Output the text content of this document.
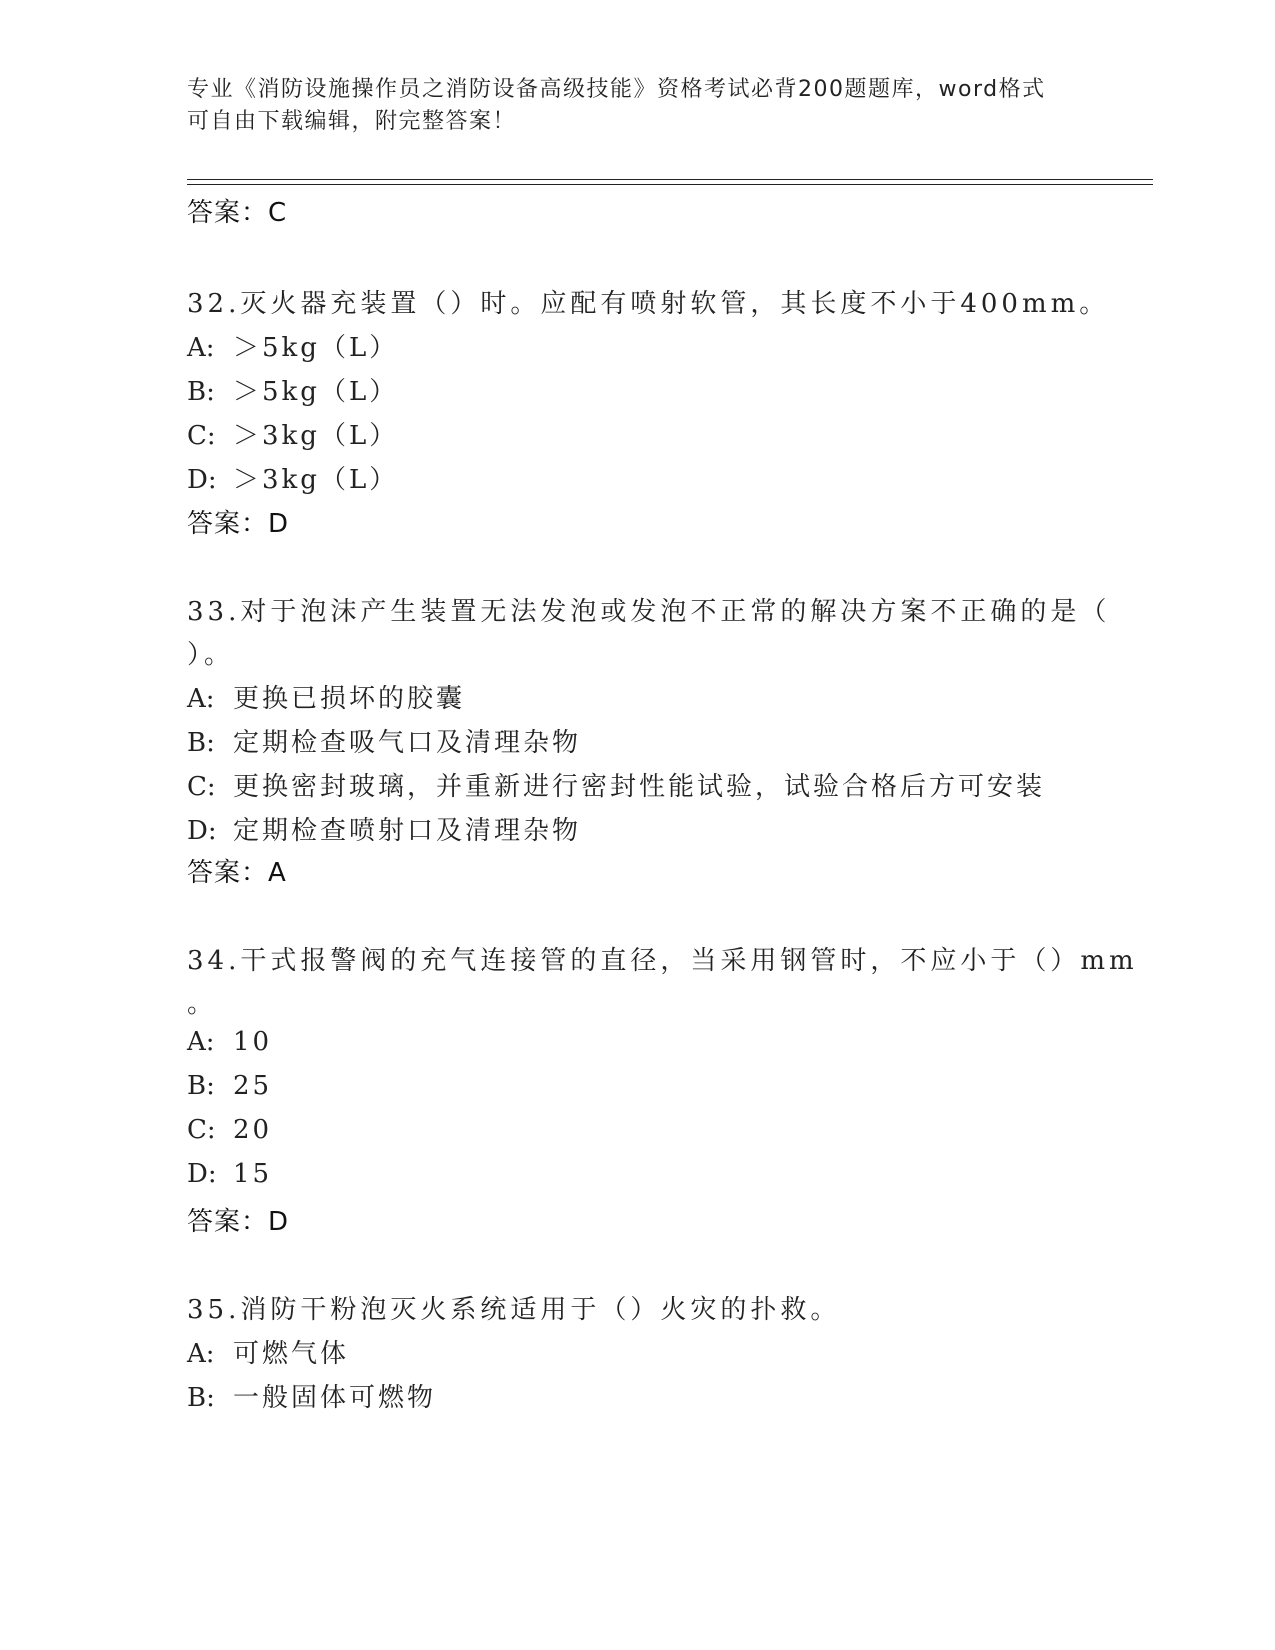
专业《消防设施操作员之消防设备高级技能》资格考试必背200题题库，word格式可自由下载编辑，附完整答案！
答案：C
32.灭火器充装置（）时。应配有喷射软管，其长度不小于400mm。
A: ＞5kg（L）
B: ＞5kg（L）
C: ＞3kg（L）
D: ＞3kg（L）
答案：D
33.对于泡沫产生装置无法发泡或发泡不正常的解决方案不正确的是（
）。
A: 更换已损坏的胶囊
B: 定期检查吸气口及清理杂物
C: 更换密封玻璃，并重新进行密封性能试验，试验合格后方可安装
D: 定期检查喷射口及清理杂物
答案：A
34.干式报警阀的充气连接管的直径，当采用钢管时，不应小于（）mm
。
A: 10
B: 25
C: 20
D: 15
答案：D
35.消防干粉泡灭火系统适用于（）火灾的扑救。
A: 可燃气体
B: 一般固体可燃物
